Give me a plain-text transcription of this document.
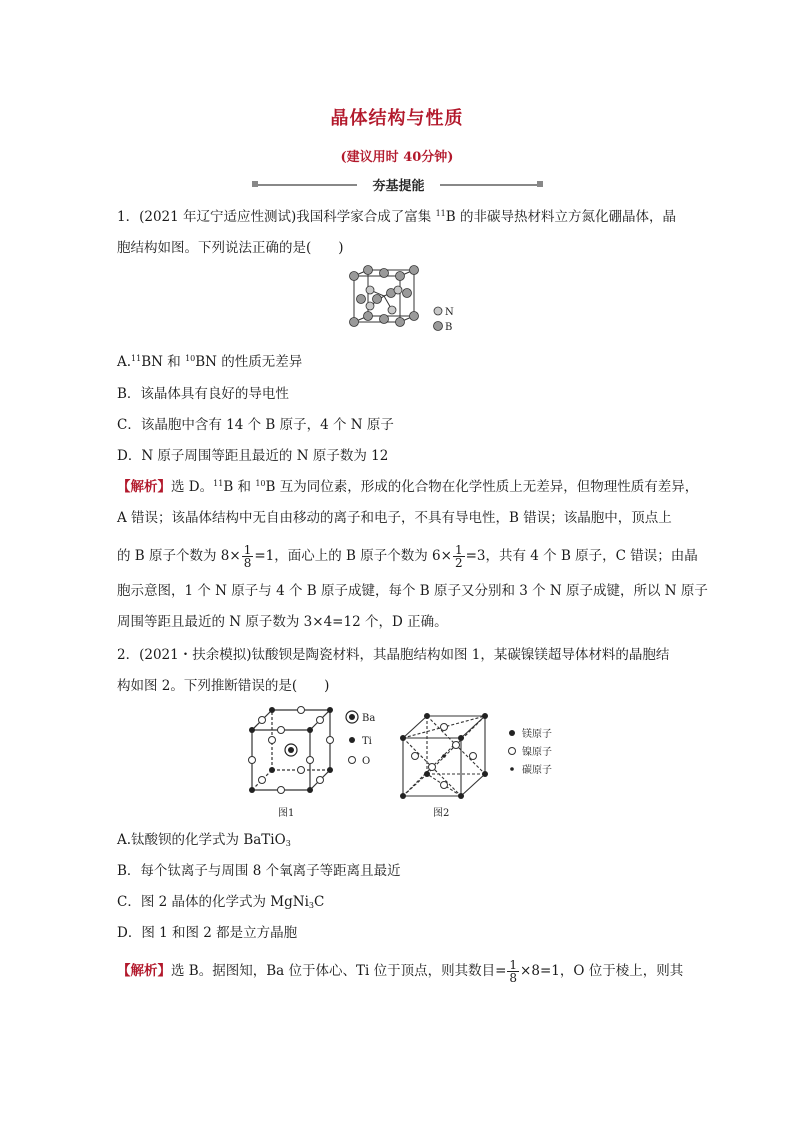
晶体结构与性质
(建议用时 40分钟)
夯基提能
1．(2021 年辽宁适应性测试)我国科学家合成了富集 $^{11}$B 的非碳导热材料立方氮化硼晶体，晶
胞结构如图。下列说法正确的是(　　)
N
B
A.$^{11}$BN 和 $^{10}$BN 的性质无差异
B．该晶体具有良好的导电性
C．该晶胞中含有 14 个 B 原子，4 个 N 原子
D．N 原子周围等距且最近的 N 原子数为 12
【解析】选 D。$^{11}$B 和 $^{10}$B 互为同位素，形成的化合物在化学性质上无差异，但物理性质有差异，
A 错误；该晶体结构中无自由移动的离子和电子，不具有导电性，B 错误；该晶胞中，顶点上
的 B 原子个数为 $8\times \frac{1}{8} =1$，面心上的 B 原子个数为 $6\times \frac{1}{2} =3$，共有 4 个 B 原子，C 错误；由晶
胞示意图，1 个 N 原子与 4 个 B 原子成键，每个 B 原子又分别和 3 个 N 原子成键，所以 N 原子
周围等距且最近的 N 原子数为 3×4=12 个，D 正确。
2．(2021・扶余模拟)钛酸钡是陶瓷材料，其晶胞结构如图 1，某碳镍镁超导体材料的晶胞结
构如图 2。下列推断错误的是(　　)
Ba
Ti
O
图1
镁原子
镍原子
碳原子
图2
A.钛酸钡的化学式为 BaTiO$_3$
B．每个钛离子与周围 8 个氧离子等距离且最近
C．图 2 晶体的化学式为 MgNi$_3$C
D．图 1 和图 2 都是立方晶胞
【解析】选 B。据图知，Ba 位于体心、Ti 位于顶点，则其数目= $\frac{1}{8} \times 8=1$，O 位于棱上，则其
